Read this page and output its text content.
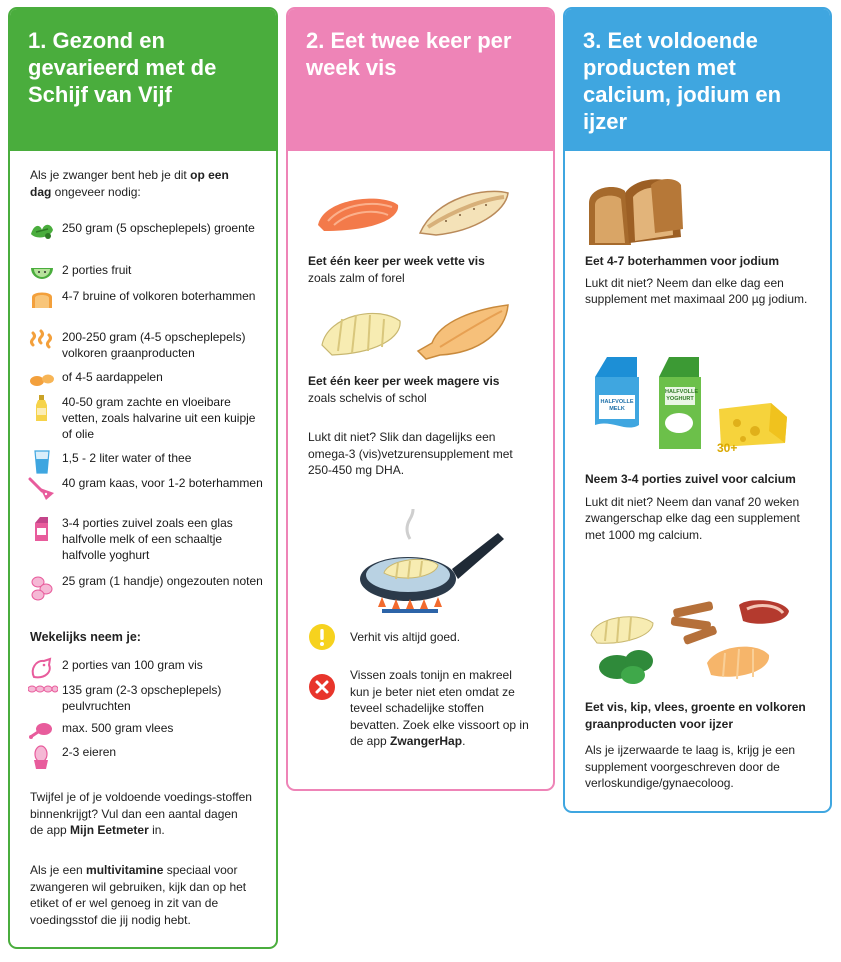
1. Gezond en gevarieerd met de Schijf van Vijf
Als je zwanger bent heb je dit op een dag ongeveer nodig:
250 gram (5 opscheplepels) groente
2 porties fruit
4-7 bruine of volkoren boterhammen
200-250 gram (4-5 opscheplepels) volkoren graanproducten
of 4-5 aardappelen
40-50 gram zachte en vloeibare vetten, zoals halvarine uit een kuipje of olie
1,5 - 2 liter water of thee
40 gram kaas, voor 1-2 boterhammen
3-4 porties zuivel zoals een glas halfvolle melk of een schaaltje halfvolle yoghurt
25 gram (1 handje) ongezouten noten
Wekelijks neem je:
2 porties van 100 gram vis
135 gram (2-3 opscheplepels) peulvruchten
max. 500 gram vlees
2-3 eieren
Twijfel je of je voldoende voedings-stoffen binnenkrijgt? Vul dan een aantal dagen de app Mijn Eetmeter in.
Als je een multivitamine speciaal voor zwangeren wil gebruiken, kijk dan op het etiket of er wel genoeg in zit van de voedingsstof die jij nodig hebt.
2. Eet twee keer per week vis
Eet één keer per week vette vis
zoals zalm of forel
Eet één keer per week magere vis
zoals schelvis of schol
Lukt dit niet? Slik dan dagelijks een omega-3 (vis)vetzurensupplement met 250-450 mg DHA.
Verhit vis altijd goed.
Vissen zoals tonijn en makreel kun je beter niet eten omdat ze teveel schadelijke stoffen bevatten. Zoek elke vissoort op in de app ZwangerHap.
3. Eet voldoende producten met calcium, jodium en ijzer
Eet 4-7 boterhammen voor jodium
Lukt dit niet? Neem dan elke dag een supplement met maximaal 200 µg jodium.
HALFVOLLE MELK
HALFVOLLE YOGHURT
30+
Neem 3-4 porties zuivel voor calcium
Lukt dit niet? Neem dan vanaf 20 weken zwangerschap elke dag een supplement met 1000 mg calcium.
Eet vis, kip, vlees, groente en volkoren graanproducten voor ijzer
Als je ijzerwaarde te laag is, krijg je een supplement voorgeschreven door de verloskundige/gynaecoloog.
